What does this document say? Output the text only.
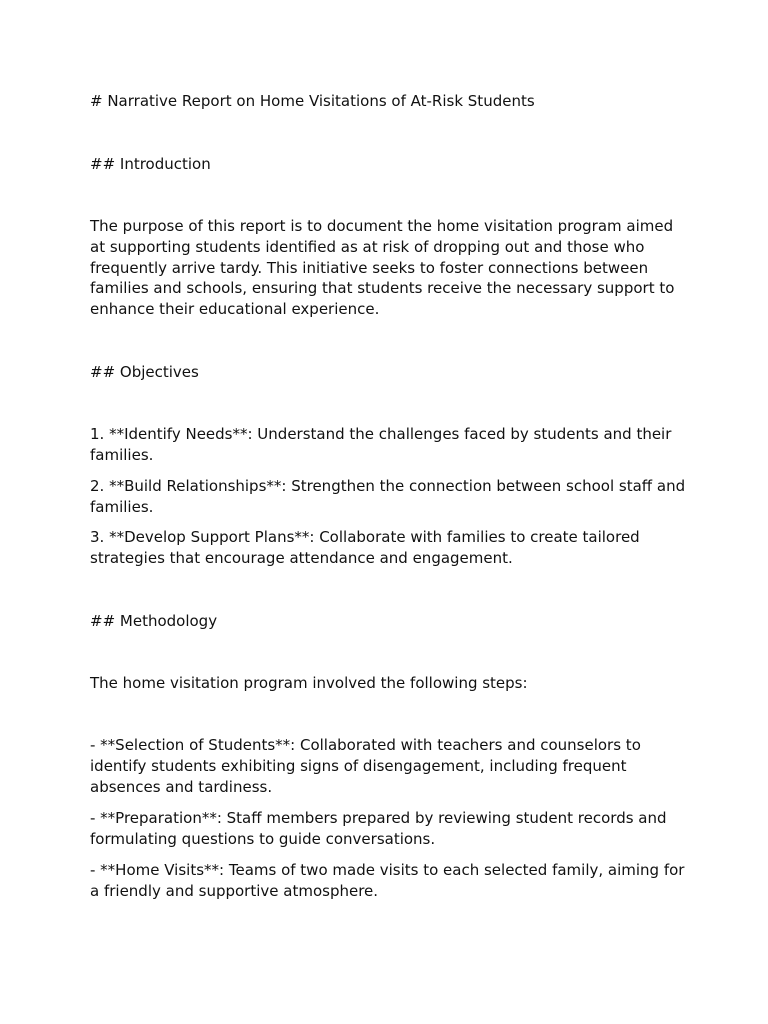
# Narrative Report on Home Visitations of At-Risk Students

## Introduction

The purpose of this report is to document the home visitation program aimed at supporting students identified as at risk of dropping out and those who frequently arrive tardy. This initiative seeks to foster connections between families and schools, ensuring that students receive the necessary support to enhance their educational experience.

## Objectives

1. **Identify Needs**: Understand the challenges faced by students and their families.

2. **Build Relationships**: Strengthen the connection between school staff and families.

3. **Develop Support Plans**: Collaborate with families to create tailored strategies that encourage attendance and engagement.

## Methodology

The home visitation program involved the following steps:

- **Selection of Students**: Collaborated with teachers and counselors to identify students exhibiting signs of disengagement, including frequent absences and tardiness.

- **Preparation**: Staff members prepared by reviewing student records and formulating questions to guide conversations.

- **Home Visits**: Teams of two made visits to each selected family, aiming for a friendly and supportive atmosphere.
